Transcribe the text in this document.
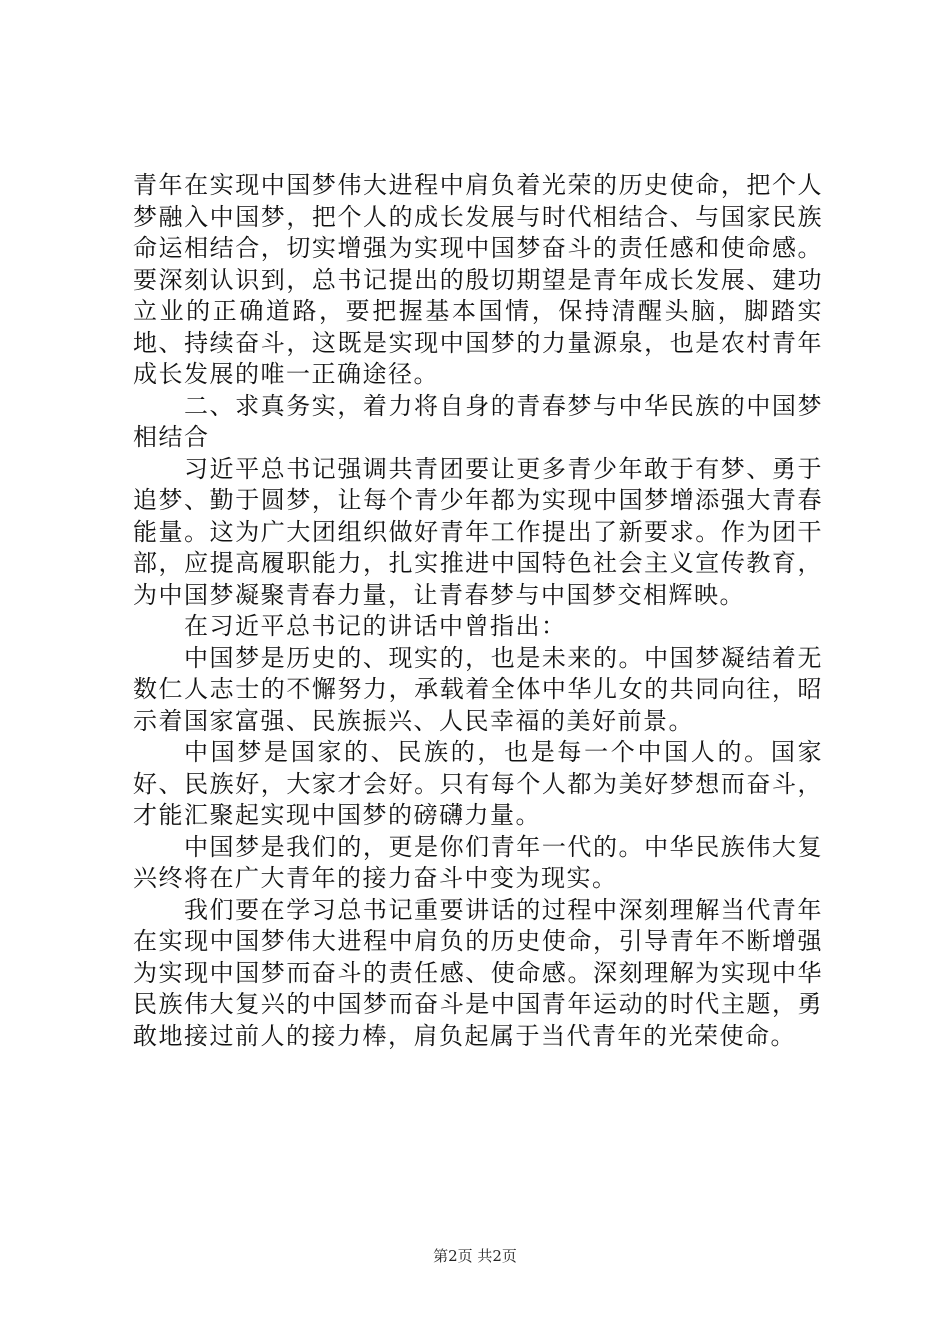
青年在实现中国梦伟大进程中肩负着光荣的历史使命，把个人梦融入中国梦，把个人的成长发展与时代相结合、与国家民族命运相结合，切实增强为实现中国梦奋斗的责任感和使命感。要深刻认识到，总书记提出的殷切期望是青年成长发展、建功立业的正确道路，要把握基本国情，保持清醒头脑，脚踏实地、持续奋斗，这既是实现中国梦的力量源泉，也是农村青年成长发展的唯一正确途径。

二、求真务实，着力将自身的青春梦与中华民族的中国梦相结合

习近平总书记强调共青团要让更多青少年敢于有梦、勇于追梦、勤于圆梦，让每个青少年都为实现中国梦增添强大青春能量。这为广大团组织做好青年工作提出了新要求。作为团干部，应提高履职能力，扎实推进中国特色社会主义宣传教育，为中国梦凝聚青春力量，让青春梦与中国梦交相辉映。

在习近平总书记的讲话中曾指出：

中国梦是历史的、现实的，也是未来的。中国梦凝结着无数仁人志士的不懈努力，承载着全体中华儿女的共同向往，昭示着国家富强、民族振兴、人民幸福的美好前景。

中国梦是国家的、民族的，也是每一个中国人的。国家好、民族好，大家才会好。只有每个人都为美好梦想而奋斗，才能汇聚起实现中国梦的磅礴力量。

中国梦是我们的，更是你们青年一代的。中华民族伟大复兴终将在广大青年的接力奋斗中变为现实。

我们要在学习总书记重要讲话的过程中深刻理解当代青年在实现中国梦伟大进程中肩负的历史使命，引导青年不断增强为实现中国梦而奋斗的责任感、使命感。深刻理解为实现中华民族伟大复兴的中国梦而奋斗是中国青年运动的时代主题，勇敢地接过前人的接力棒，肩负起属于当代青年的光荣使命。

第2页 共2页
